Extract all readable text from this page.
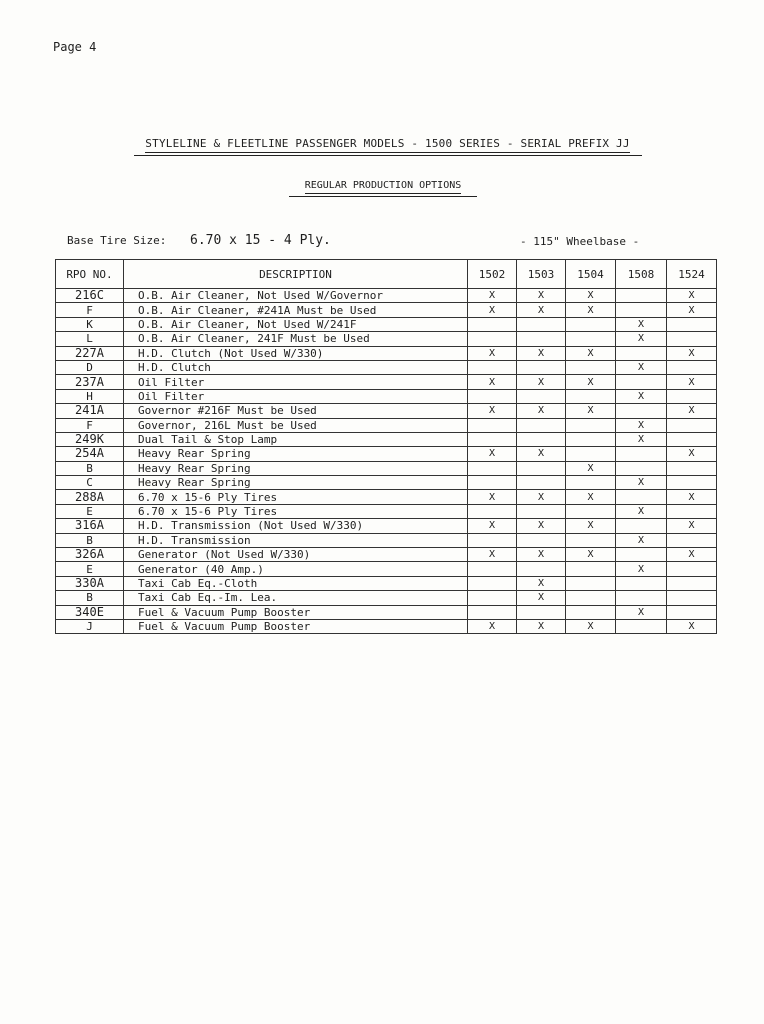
Page 4
STYLELINE & FLEETLINE PASSENGER MODELS - 1500 SERIES - SERIAL PREFIX JJ
REGULAR PRODUCTION OPTIONS
Base Tire Size: 6.70 x 15 - 4 Ply.	- 115" Wheelbase -
RPO NO.	DESCRIPTION	1502	1503	1504	1508	1524
216C	O.B. Air Cleaner, Not Used W/Governor	X	X	X		X
F	O.B. Air Cleaner, #241A Must be Used	X	X	X		X
K	O.B. Air Cleaner, Not Used W/241F				X	
L	O.B. Air Cleaner, 241F Must be Used				X	
227A	H.D. Clutch (Not Used W/330)	X	X	X		X
D	H.D. Clutch				X	
237A	Oil Filter	X	X	X		X
H	Oil Filter				X	
241A	Governor #216F Must be Used	X	X	X		X
F	Governor, 216L Must be Used				X	
249K	Dual Tail & Stop Lamp				X	
254A	Heavy Rear Spring	X	X			X
B	Heavy Rear Spring			X		
C	Heavy Rear Spring				X	
288A	6.70 x 15-6 Ply Tires	X	X	X		X
E	6.70 x 15-6 Ply Tires				X	
316A	H.D. Transmission (Not Used W/330)	X	X	X		X
B	H.D. Transmission				X	
326A	Generator (Not Used W/330)	X	X	X		X
E	Generator (40 Amp.)				X	
330A	Taxi Cab Eq.-Cloth		X			
B	Taxi Cab Eq.-Im. Lea.		X			
340E	Fuel & Vacuum Pump Booster				X	
J	Fuel & Vacuum Pump Booster	X	X	X		X
